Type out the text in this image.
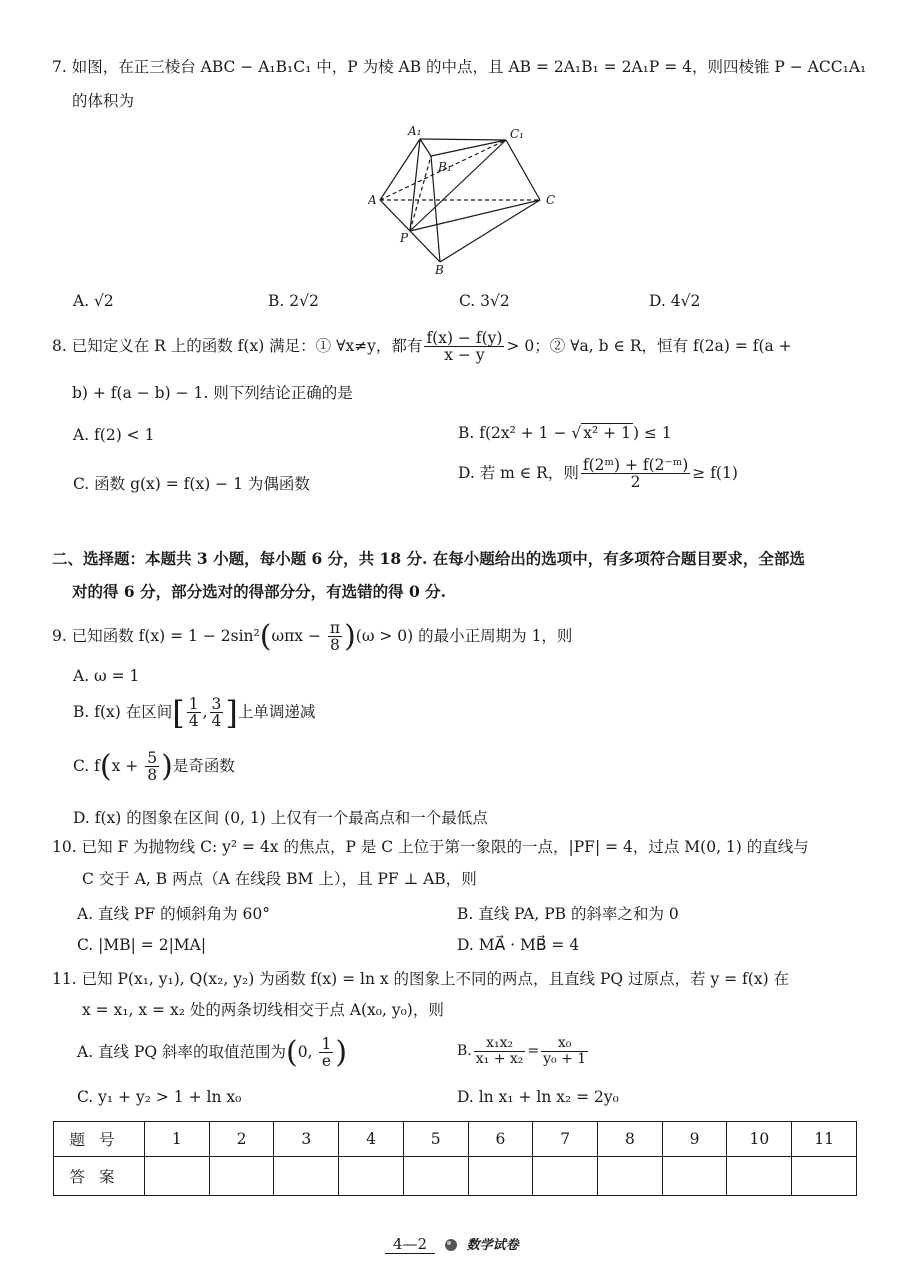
7. 如图，在正三棱台 ABC − A₁B₁C₁ 中，P 为棱 AB 的中点，且 AB = 2A₁B₁ = 2A₁P = 4，则四棱锥 P − ACC₁A₁
的体积为
A₁	C₁
B₁
A	C
P
B
A. √2	B. 2√2	C. 3√2	D. 4√2
8. 已知定义在 R 上的函数 f(x) 满足：① ∀x≠y，都有 $\frac{f(x) - f(y)}{x - y} > 0$；② ∀a, b ∈ R，恒有 f(2a) = f(a +
b) + f(a − b) − 1. 则下列结论正确的是
A. f(2) < 1	B. f(2x² + 1 − √ x² + 1 ) ≤ 1
C. 函数 g(x) = f(x) − 1 为偶函数
D. 若 m ∈ R，则 $\frac{\text{f(2ᵐ) + f(2⁻ᵐ)}}{2} \ge f(1)$
二、选择题：本题共 3 小题，每小题 6 分，共 18 分. 在每小题给出的选项中，有多项符合题目要求，全部选
对的得 6 分，部分选对的得部分分，有选错的得 0 分.
9. 已知函数 $f(x) = 1 - 2\sin^2(\omega\pi x - \frac{\pi}{8} )(\omega > 0)$ 的最小正周期为 1，则
A. ω = 1
B. f(x) 在区间[ $\frac{1}{4}$ , $\frac{3}{4}$ ]上单调递减
C. $f(x + \frac{5}{8}$ )是奇函数
D. f(x) 的图象在区间 (0, 1) 上仅有一个最高点和一个最低点
10. 已知 F 为抛物线 C: y² = 4x 的焦点，P 是 C 上位于第一象限的一点，|PF| = 4，过点 M(0, 1) 的直线与
C 交于 A, B 两点（A 在线段 BM 上），且 PF ⊥ AB，则
A. 直线 PF 的倾斜角为 60°	B. 直线 PA, PB 的斜率之和为 0
C. |MB| = 2|MA|	D. MA⃗ · MB⃗ = 4
11. 已知 P(x₁, y₁), Q(x₂, y₂) 为函数 f(x) = ln x 的图象上不同的两点，且直线 PQ 过原点，若 y = f(x) 在
x = x₁, x = x₂ 处的两条切线相交于点 A(x₀, y₀)，则
A. 直线 PQ 斜率的取值范围为(0, $\frac{1}{e}$ )	B. $\frac{\text{x₁x₂}}{\text{x₁ + x₂}} = \frac{\text{x₀}}{\text{y₀ + 1}}$
C. y₁ + y₂ > 1 + ln x₀	D. ln x₁ + ln x₂ = 2y₀
题号	1	2	3	4	5	6	7	8	9	10	11
答案											
4—2	数学试卷
